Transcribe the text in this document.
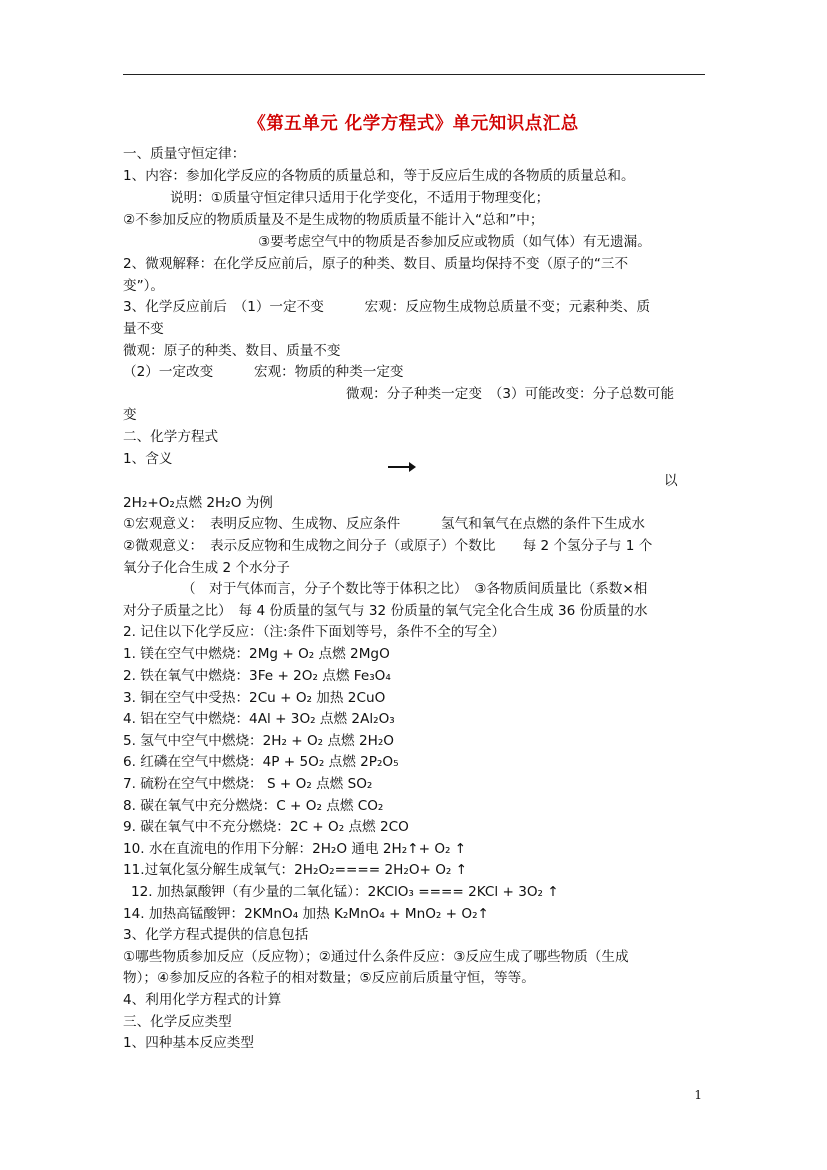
《第五单元 化学方程式》单元知识点汇总
一、质量守恒定律：
1、内容：参加化学反应的各物质的质量总和，等于反应后生成的各物质的质量总和。
说明：①质量守恒定律只适用于化学变化，不适用于物理变化；
②不参加反应的物质质量及不是生成物的物质质量不能计入“总和”中；
③要考虑空气中的物质是否参加反应或物质（如气体）有无遗漏。
2、微观解释：在化学反应前后，原子的种类、数目、质量均保持不变（原子的“三不
变”）。
3、化学反应前后　（1）一定不变　　　宏观：反应物生成物总质量不变；元素种类、质
量不变
微观：原子的种类、数目、质量不变
（2）一定改变　　　宏观：物质的种类一定变
微观：分子种类一定变　（3）可能改变：分子总数可能
变
二、化学方程式
1、含义
以
2H₂+O₂点燃 2H₂O 为例
①宏观意义：　表明反应物、生成物、反应条件　　　氢气和氧气在点燃的条件下生成水
②微观意义：　表示反应物和生成物之间分子（或原子）个数比　　每 2 个氢分子与 1 个
氧分子化合生成 2 个水分子
（　对于气体而言，分子个数比等于体积之比）　③各物质间质量比（系数×相
对分子质量之比）　每 4 份质量的氢气与 32 份质量的氧气完全化合生成 36 份质量的水
2. 记住以下化学反应：（注:条件下面划等号，条件不全的写全）
1. 镁在空气中燃烧：2Mg + O₂ 点燃 2MgO
2. 铁在氧气中燃烧：3Fe + 2O₂ 点燃 Fe₃O₄
3. 铜在空气中受热：2Cu + O₂ 加热 2CuO
4. 铝在空气中燃烧：4Al + 3O₂ 点燃 2Al₂O₃
5. 氢气中空气中燃烧：2H₂ + O₂ 点燃 2H₂O
6. 红磷在空气中燃烧：4P + 5O₂ 点燃 2P₂O₅
7. 硫粉在空气中燃烧： S + O₂ 点燃 SO₂
8. 碳在氧气中充分燃烧：C + O₂ 点燃 CO₂
9. 碳在氧气中不充分燃烧：2C + O₂ 点燃 2CO
10. 水在直流电的作用下分解：2H₂O 通电 2H₂↑+ O₂ ↑
11.过氧化氢分解生成氧气：2H₂O₂==== 2H₂O+ O₂ ↑
12. 加热氯酸钾（有少量的二氧化锰）：2KClO₃ ==== 2KCl + 3O₂ ↑
14. 加热高锰酸钾：2KMnO₄ 加热 K₂MnO₄ + MnO₂ + O₂↑
3、化学方程式提供的信息包括
①哪些物质参加反应（反应物）；②通过什么条件反应：③反应生成了哪些物质（生成
物）；④参加反应的各粒子的相对数量；⑤反应前后质量守恒，等等。
4、利用化学方程式的计算
三、化学反应类型
1、四种基本反应类型
1
